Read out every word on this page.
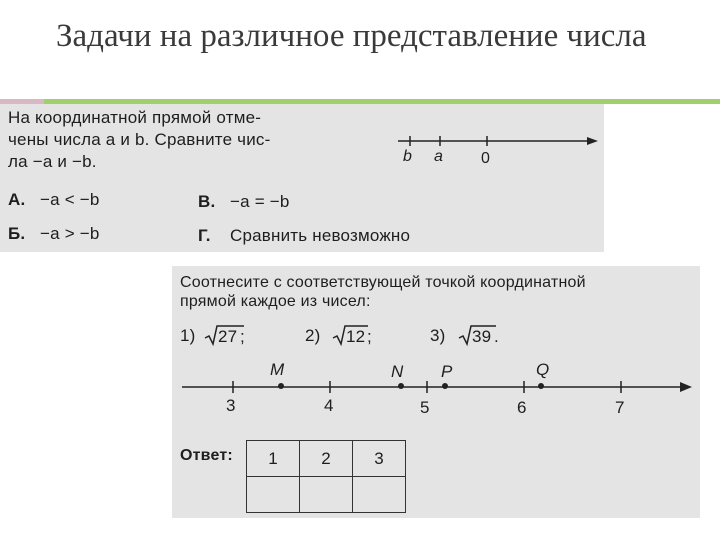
Задачи на различное представление числа
На координатной прямой отме-
чены числа a и b. Сравните чис-
ла −a и −b.	b a 0
А. −a < −b
Б. −a > −b
В. −a = −b
Г. Сравнить невозможно
Соотнесите с соответствующей точкой координатной
прямой каждое из чисел:
1) 27 ;	2) 12 ;	3) 39 .
M	N P	Q
3	4	5	6	7
Ответ: 1	2	3
